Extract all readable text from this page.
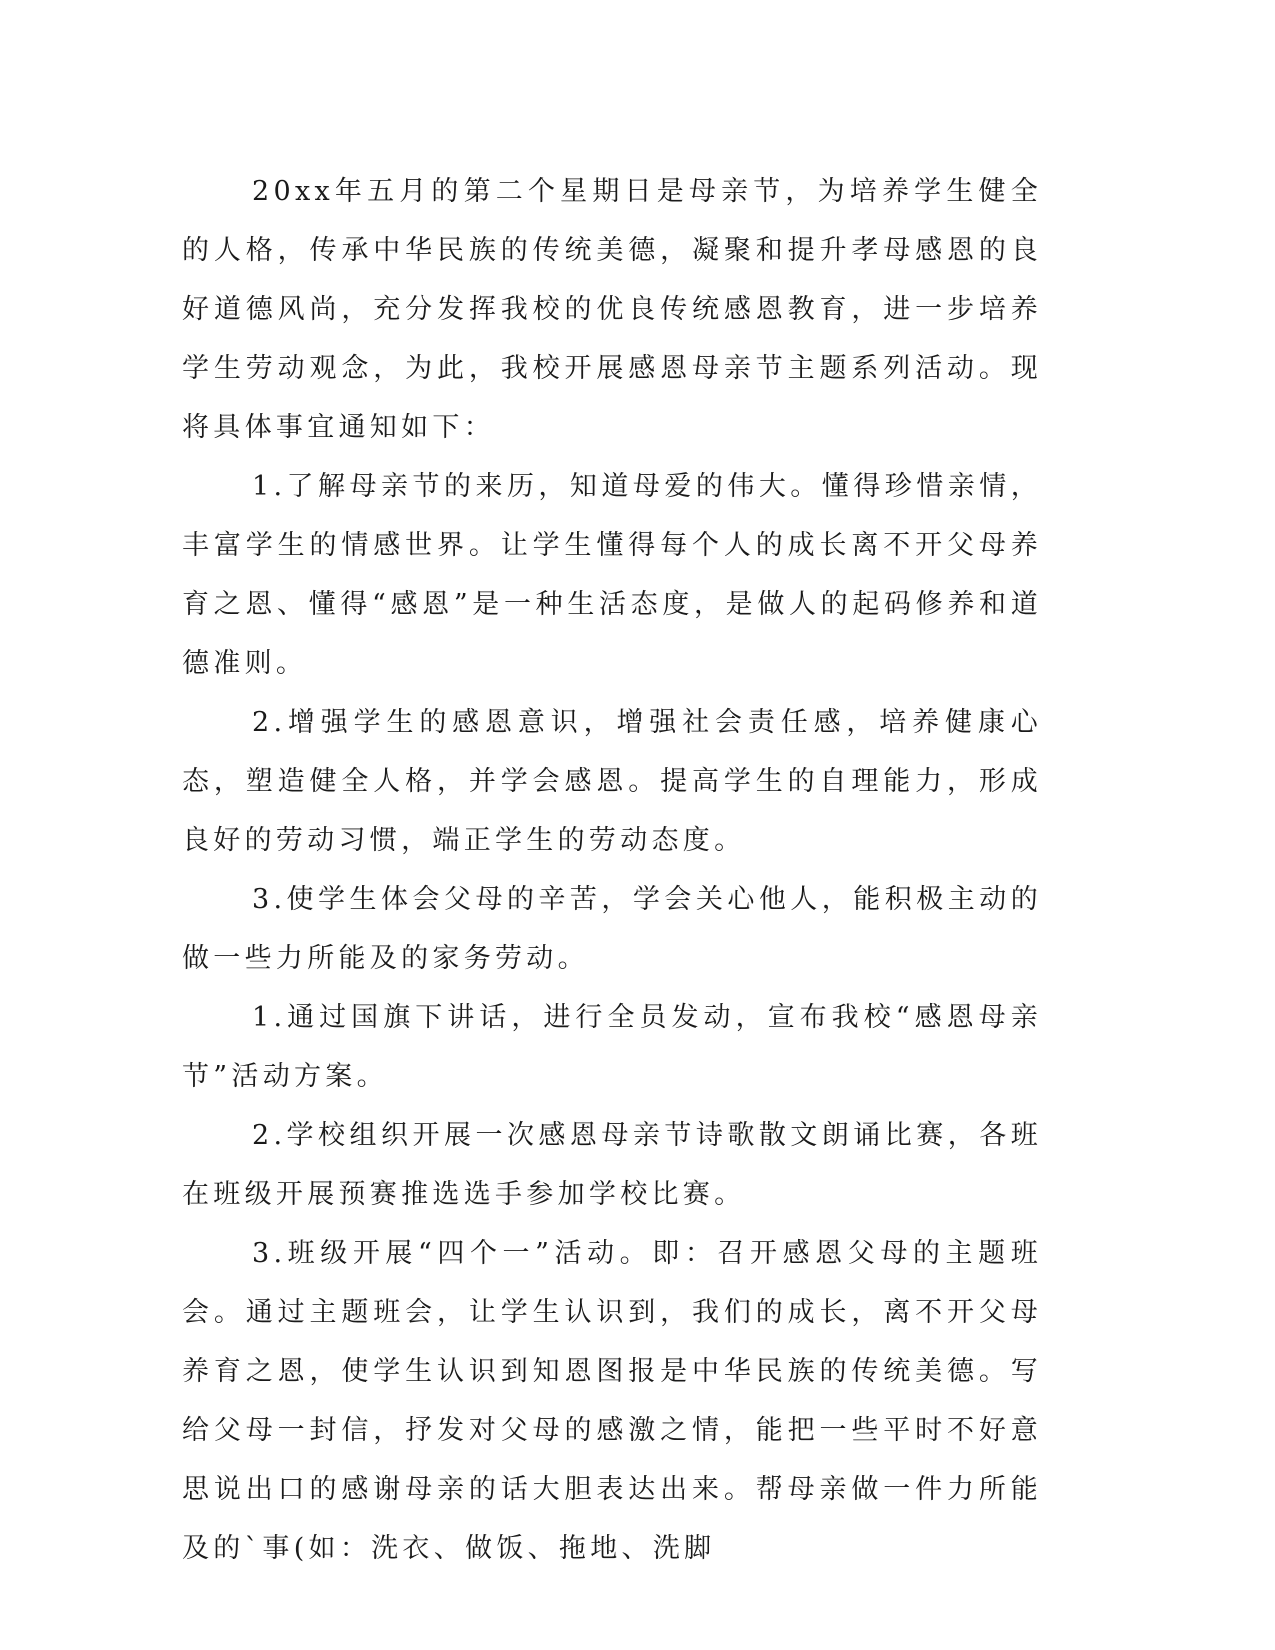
20xx年五月的第二个星期日是母亲节，为培养学生健全的人格，传承中华民族的传统美德，凝聚和提升孝母感恩的良好道德风尚，充分发挥我校的优良传统感恩教育，进一步培养学生劳动观念，为此，我校开展感恩母亲节主题系列活动。现将具体事宜通知如下：

1.了解母亲节的来历，知道母爱的伟大。懂得珍惜亲情，丰富学生的情感世界。让学生懂得每个人的成长离不开父母养育之恩、懂得“感恩”是一种生活态度，是做人的起码修养和道德准则。

2.增强学生的感恩意识，增强社会责任感，培养健康心态，塑造健全人格，并学会感恩。提高学生的自理能力，形成良好的劳动习惯，端正学生的劳动态度。

3.使学生体会父母的辛苦，学会关心他人，能积极主动的做一些力所能及的家务劳动。

1.通过国旗下讲话，进行全员发动，宣布我校“感恩母亲节”活动方案。

2.学校组织开展一次感恩母亲节诗歌散文朗诵比赛，各班在班级开展预赛推选选手参加学校比赛。

3.班级开展“四个一”活动。即：召开感恩父母的主题班会。通过主题班会，让学生认识到，我们的成长，离不开父母养育之恩，使学生认识到知恩图报是中华民族的传统美德。写给父母一封信，抒发对父母的感激之情，能把一些平时不好意思说出口的感谢母亲的话大胆表达出来。帮母亲做一件力所能及的`事(如：洗衣、做饭、拖地、洗脚
